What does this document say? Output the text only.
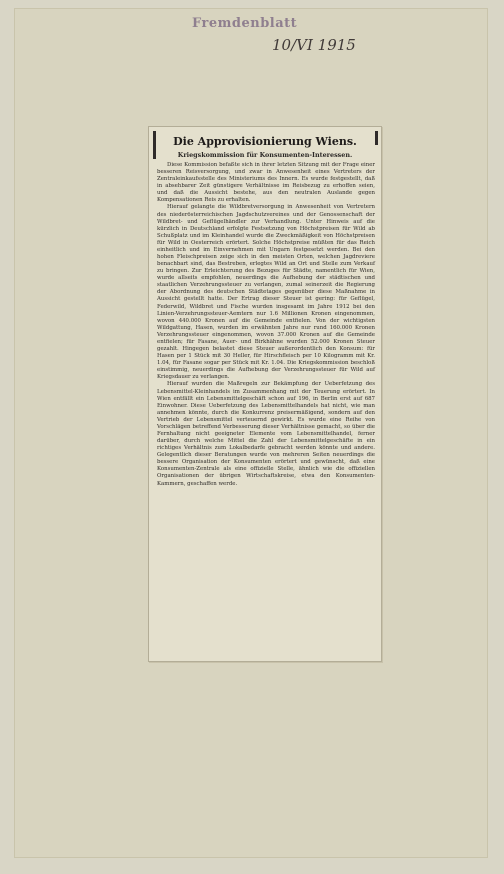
Fremdenblatt
10/VI 1915
Die Approvisionierung Wiens.
Kriegskommission für Konsumenten-Interessen.

Diese Kommission befaßte sich in ihrer letzten Sitzung mit der Frage einer besseren Reisversorgung, und zwar in Anwesenheit eines Vertreters der Zentraleinkaufsstelle des Ministeriums des Innern. Es wurde festgestellt, daß in absehbarer Zeit günstigere Verhältnisse im Reisbezug zu erhoffen seien, und daß die Aussicht bestehe, aus den neutralen Auslande gegen Kompensationen Reis zu erhalten.

Hierauf gelangte die Wildbretversorgung in Anwesenheit von Vertretern des niederösterreichischen Jagdschutzvereines und der Genossenschaft der Wildbret- und Geflügelhändler zur Verhandlung. Unter Hinweis auf die kürzlich in Deutschland erfolgte Festsetzung von Höchstpreisen für Wild ab Schußplatz und im Kleinhandel wurde die Zweckmäßigkeit von Höchstpreisen für Wild in Oesterreich erörtert. Solche Höchstpreise müßten für das Reich einheitlich und im Einvernehmen mit Ungarn festgesetzt werden. Bei den hohen Fleischpreisen zeige sich in den meisten Orten, welchen Jagdreviere benachbart sind, das Bestreben, erlegtes Wild an Ort und Stelle zum Verkauf zu bringen. Zur Erleichterung des Bezuges für Städte, namentlich für Wien, wurde allseits empfohlen, neuerdings die Aufhebung der städtischen und staatlichen Verzehrungssteuer zu verlangen, zumal seinerzeit die Regierung der Abordnung des deutschen Städtetages gegenüber diese Maßnahme in Aussicht gestellt hatte. Der Ertrag dieser Steuer ist gering: für Geflügel, Federwild, Wildbret und Fische wurden insgesamt im Jahre 1912 bei den Linien-Verzehrungssteuer-Aemtern nur 1.6 Millionen Kronen eingenommen, wovon 440.000 Kronen auf die Gemeinde entfielen. Von der wichtigsten Wildgattung, Hasen, wurden im erwähnten Jahre nur rund 160.000 Kronen Verzehrungssteuer eingenommen, wovon 37.000 Kronen auf die Gemeinde entfielen; für Fasane, Auer- und Birkhähne wurden 52.000 Kronen Steuer gezahlt. Hingegen belastet diese Steuer außerordentlich den Konsum: für Hasen per 1 Stück mit 30 Heller, für Hirschfleisch per 10 Kilogramm mit Kr. 1.04, für Fasane sogar per Stück mit Kr. 1.04. Die Kriegskommission beschloß einstimmig, neuerdings die Aufhebung der Verzehrungssteuer für Wild auf Kriegsdauer zu verlangen.

Hierauf wurden die Maßregeln zur Bekämpfung der Ueberfetzung des Lebensmittel-Kleinhandels im Zusammenhang mit der Teuerung erörtert. In Wien entfällt ein Lebensmittelgeschäft schon auf 196, in Berlin erst auf 687 Einwohner. Diese Ueberfetzung des Lebensmittelhandels hat nicht, wie man annehmen könnte, durch die Konkurrenz preisermäßigend, sondern auf den Vertrieb der Lebensmittel verteuernd gewirkt. Es wurde eine Reihe von Vorschlägen betreffend Verbesserung dieser Verhältnisse gemacht, so über die Fernhaltung nicht geeigneter Elemente vom Lebensmittelhandel, ferner darüber, durch welche Mittel die Zahl der Lebensmittelgeschäfte in ein richtiges Verhältnis zum Lokalbedarfe gebracht werden könnte und andere. Gelegentlich dieser Beratungen wurde von mehreren Seiten neuerdings die bessere Organisation der Konsumenten erörtert und gewünscht, daß eine Konsumenten-Zentrale als eine offizielle Stelle, ähnlich wie die offiziellen Organisationen der übrigen Wirtschaftskreise, etwa den Konsumenten-Kammern, geschaffen werde.
